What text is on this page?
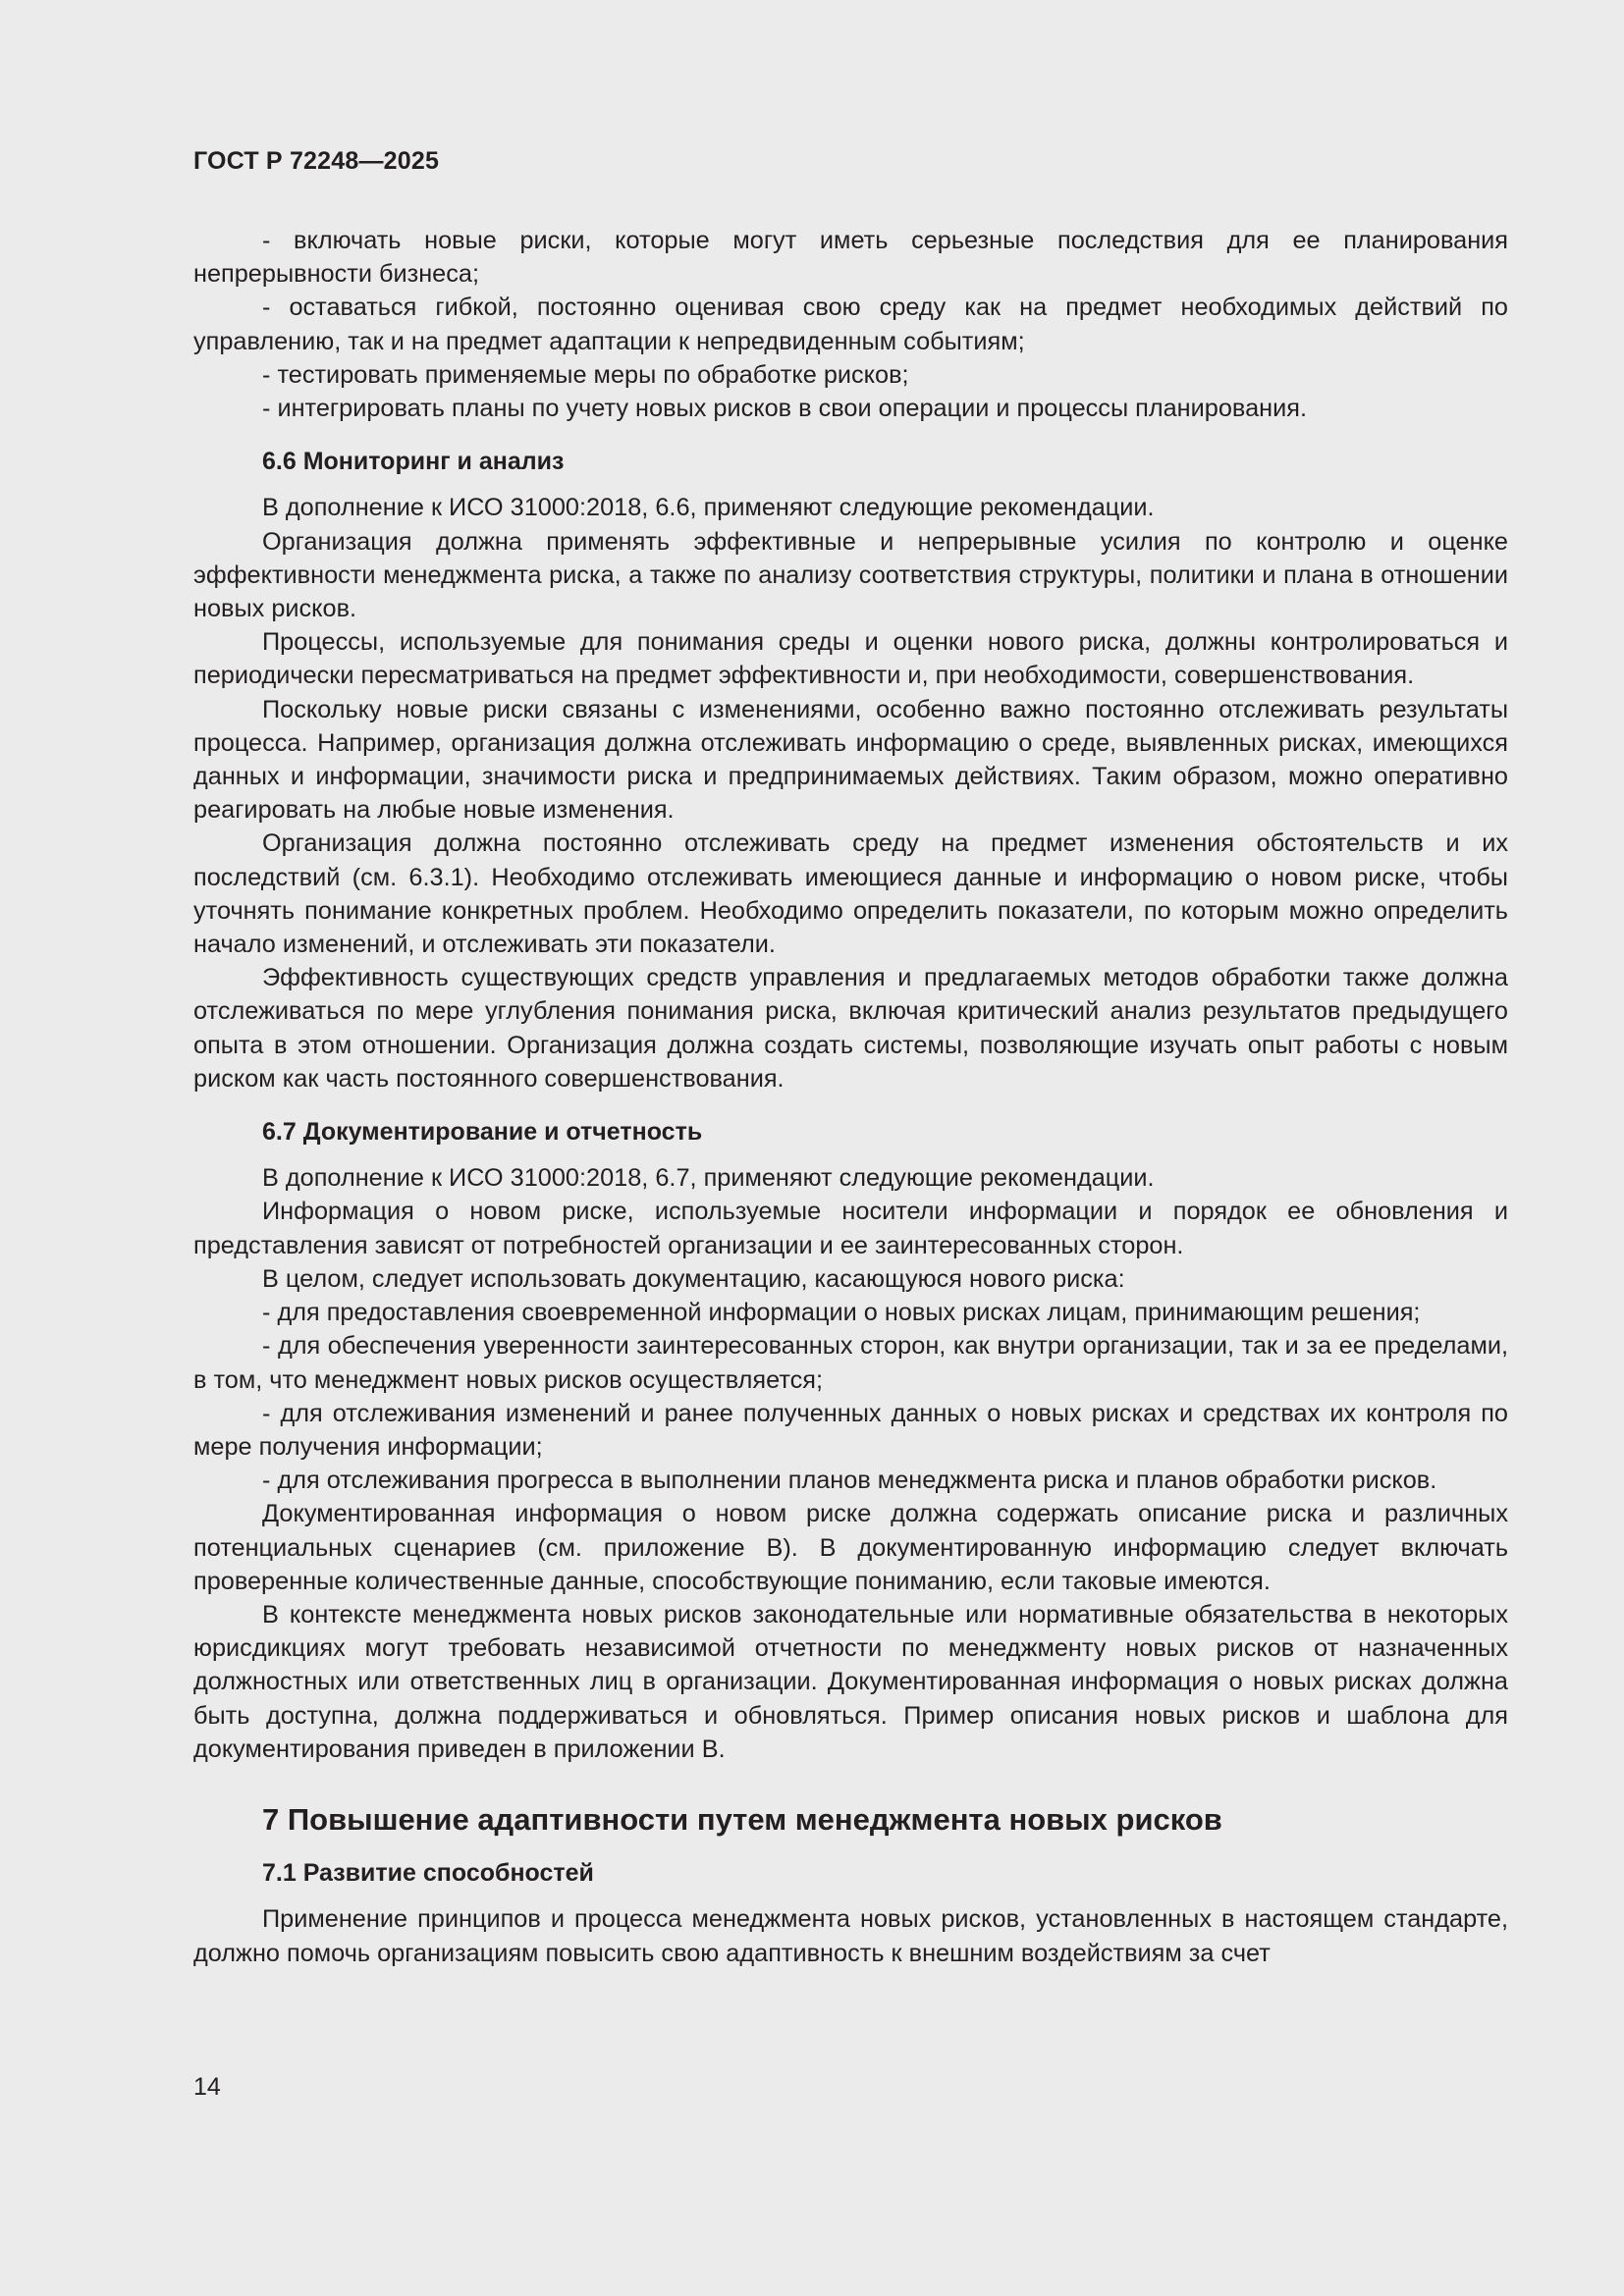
ГОСТ Р 72248—2025

- включать новые риски, которые могут иметь серьезные последствия для ее планирования непрерывности бизнеса;

- оставаться гибкой, постоянно оценивая свою среду как на предмет необходимых действий по управлению, так и на предмет адаптации к непредвиденным событиям;

- тестировать применяемые меры по обработке рисков;

- интегрировать планы по учету новых рисков в свои операции и процессы планирования.

6.6 Мониторинг и анализ

В дополнение к ИСО 31000:2018, 6.6, применяют следующие рекомендации.

Организация должна применять эффективные и непрерывные усилия по контролю и оценке эффективности менеджмента риска, а также по анализу соответствия структуры, политики и плана в отношении новых рисков.

Процессы, используемые для понимания среды и оценки нового риска, должны контролироваться и периодически пересматриваться на предмет эффективности и, при необходимости, совершенствования.

Поскольку новые риски связаны с изменениями, особенно важно постоянно отслеживать результаты процесса. Например, организация должна отслеживать информацию о среде, выявленных рисках, имеющихся данных и информации, значимости риска и предпринимаемых действиях. Таким образом, можно оперативно реагировать на любые новые изменения.

Организация должна постоянно отслеживать среду на предмет изменения обстоятельств и их последствий (см. 6.3.1). Необходимо отслеживать имеющиеся данные и информацию о новом риске, чтобы уточнять понимание конкретных проблем. Необходимо определить показатели, по которым можно определить начало изменений, и отслеживать эти показатели.

Эффективность существующих средств управления и предлагаемых методов обработки также должна отслеживаться по мере углубления понимания риска, включая критический анализ результатов предыдущего опыта в этом отношении. Организация должна создать системы, позволяющие изучать опыт работы с новым риском как часть постоянного совершенствования.

6.7 Документирование и отчетность

В дополнение к ИСО 31000:2018, 6.7, применяют следующие рекомендации.

Информация о новом риске, используемые носители информации и порядок ее обновления и представления зависят от потребностей организации и ее заинтересованных сторон.

В целом, следует использовать документацию, касающуюся нового риска:

- для предоставления своевременной информации о новых рисках лицам, принимающим решения;

- для обеспечения уверенности заинтересованных сторон, как внутри организации, так и за ее пределами, в том, что менеджмент новых рисков осуществляется;

- для отслеживания изменений и ранее полученных данных о новых рисках и средствах их контроля по мере получения информации;

- для отслеживания прогресса в выполнении планов менеджмента риска и планов обработки рисков.

Документированная информация о новом риске должна содержать описание риска и различных потенциальных сценариев (см. приложение В). В документированную информацию следует включать проверенные количественные данные, способствующие пониманию, если таковые имеются.

В контексте менеджмента новых рисков законодательные или нормативные обязательства в некоторых юрисдикциях могут требовать независимой отчетности по менеджменту новых рисков от назначенных должностных или ответственных лиц в организации. Документированная информация о новых рисках должна быть доступна, должна поддерживаться и обновляться. Пример описания новых рисков и шаблона для документирования приведен в приложении В.

7 Повышение адаптивности путем менеджмента новых рисков
7.1 Развитие способностей

Применение принципов и процесса менеджмента новых рисков, установленных в настоящем стандарте, должно помочь организациям повысить свою адаптивность к внешним воздействиям за счет

14
